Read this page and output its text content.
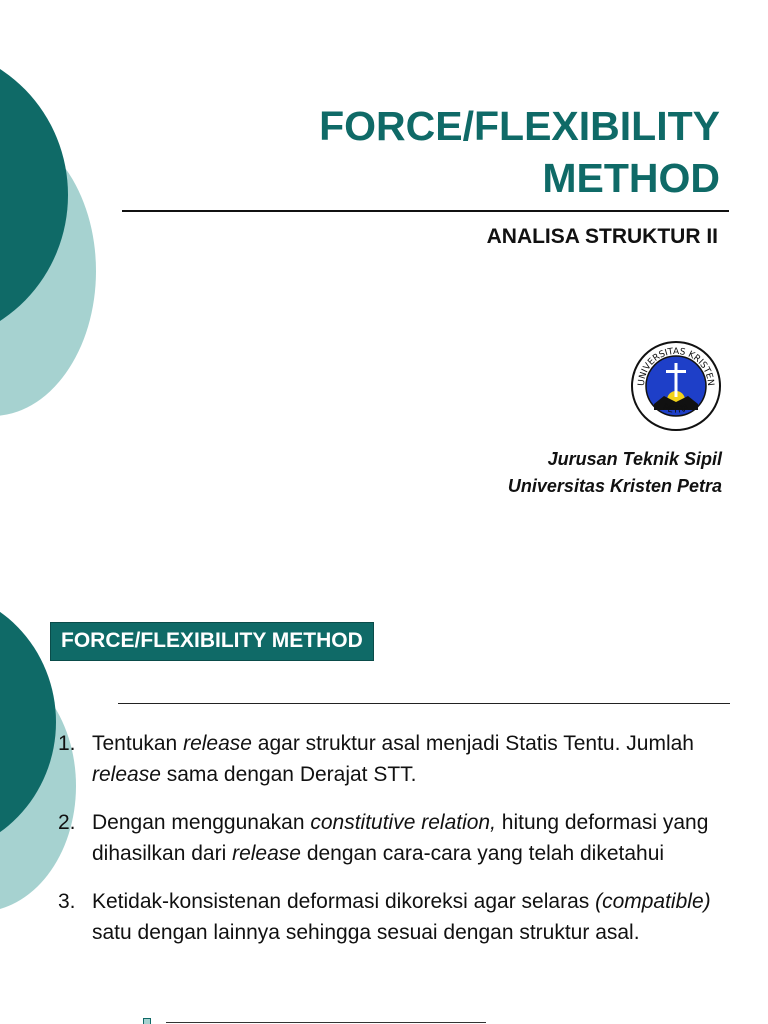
FORCE/FLEXIBILITY
METHOD
ANALISA STRUKTUR II
UNIVERSITAS KRISTEN
PETRA
Jurusan Teknik Sipil
Universitas Kristen Petra
FORCE/FLEXIBILITY METHOD
1. Tentukan release agar struktur asal menjadi Statis Tentu. Jumlah release sama dengan Derajat STT.
2. Dengan menggunakan constitutive relation, hitung deformasi yang dihasilkan dari release dengan cara-cara yang telah diketahui
3. Ketidak-konsistenan deformasi dikoreksi agar selaras (compatible) satu dengan lainnya sehingga sesuai dengan struktur asal.
